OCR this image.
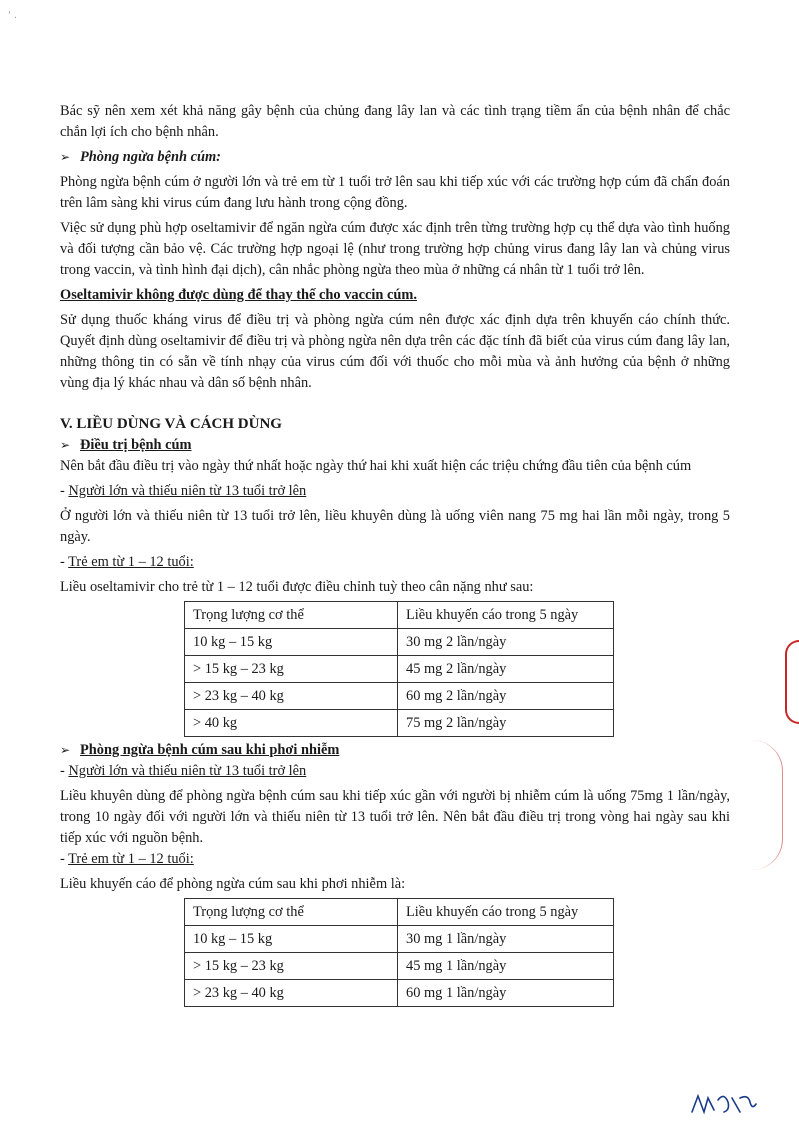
' .

Bác sỹ nên xem xét khả năng gây bệnh của chủng đang lây lan và các tình trạng tiềm ẩn của bệnh nhân để chắc chắn lợi ích cho bệnh nhân.

➢ Phòng ngừa bệnh cúm:

Phòng ngừa bệnh cúm ở người lớn và trẻ em từ 1 tuổi trở lên sau khi tiếp xúc với các trường hợp cúm đã chẩn đoán trên lâm sàng khi virus cúm đang lưu hành trong cộng đồng.

Việc sử dụng phù hợp oseltamivir để ngăn ngừa cúm được xác định trên từng trường hợp cụ thể dựa vào tình huống và đối tượng cần bảo vệ. Các trường hợp ngoại lệ (như trong trường hợp chủng virus đang lây lan và chủng virus trong vaccin, và tình hình đại dịch), cân nhắc phòng ngừa theo mùa ở những cá nhân từ 1 tuổi trở lên.

Oseltamivir không được dùng để thay thế cho vaccin cúm.

Sử dụng thuốc kháng virus để điều trị và phòng ngừa cúm nên được xác định dựa trên khuyến cáo chính thức. Quyết định dùng oseltamivir để điều trị và phòng ngừa nên dựa trên các đặc tính đã biết của virus cúm đang lây lan, những thông tin có sẵn về tính nhạy của virus cúm đối với thuốc cho mỗi mùa và ảnh hưởng của bệnh ở những vùng địa lý khác nhau và dân số bệnh nhân.

V. LIỀU DÙNG VÀ CÁCH DÙNG

➢ Điều trị bệnh cúm

Nên bắt đầu điều trị vào ngày thứ nhất hoặc ngày thứ hai khi xuất hiện các triệu chứng đầu tiên của bệnh cúm

- Người lớn và thiếu niên từ 13 tuổi trở lên

Ở người lớn và thiếu niên từ 13 tuổi trở lên, liều khuyên dùng là uống viên nang 75 mg hai lần mỗi ngày, trong 5 ngày.

- Trẻ em từ 1 – 12 tuổi:

Liều oseltamivir cho trẻ từ 1 – 12 tuổi được điều chỉnh tuỳ theo cân nặng như sau:

Trọng lượng cơ thể	Liều khuyến cáo trong 5 ngày
10 kg – 15 kg	30 mg 2 lần/ngày
> 15 kg – 23 kg	45 mg 2 lần/ngày
> 23 kg – 40 kg	60 mg 2 lần/ngày
> 40 kg	75 mg 2 lần/ngày

➢ Phòng ngừa bệnh cúm sau khi phơi nhiễm

- Người lớn và thiếu niên từ 13 tuổi trở lên

Liều khuyên dùng để phòng ngừa bệnh cúm sau khi tiếp xúc gần với người bị nhiễm cúm là uống 75mg 1 lần/ngày, trong 10 ngày đối với người lớn và thiếu niên từ 13 tuổi trở lên. Nên bắt đầu điều trị trong vòng hai ngày sau khi tiếp xúc với nguồn bệnh.

- Trẻ em từ 1 – 12 tuổi:

Liều khuyến cáo để phòng ngừa cúm sau khi phơi nhiễm là:

Trọng lượng cơ thể	Liều khuyến cáo trong 5 ngày
10 kg – 15 kg	30 mg 1 lần/ngày
> 15 kg – 23 kg	45 mg 1 lần/ngày
> 23 kg – 40 kg	60 mg 1 lần/ngày
